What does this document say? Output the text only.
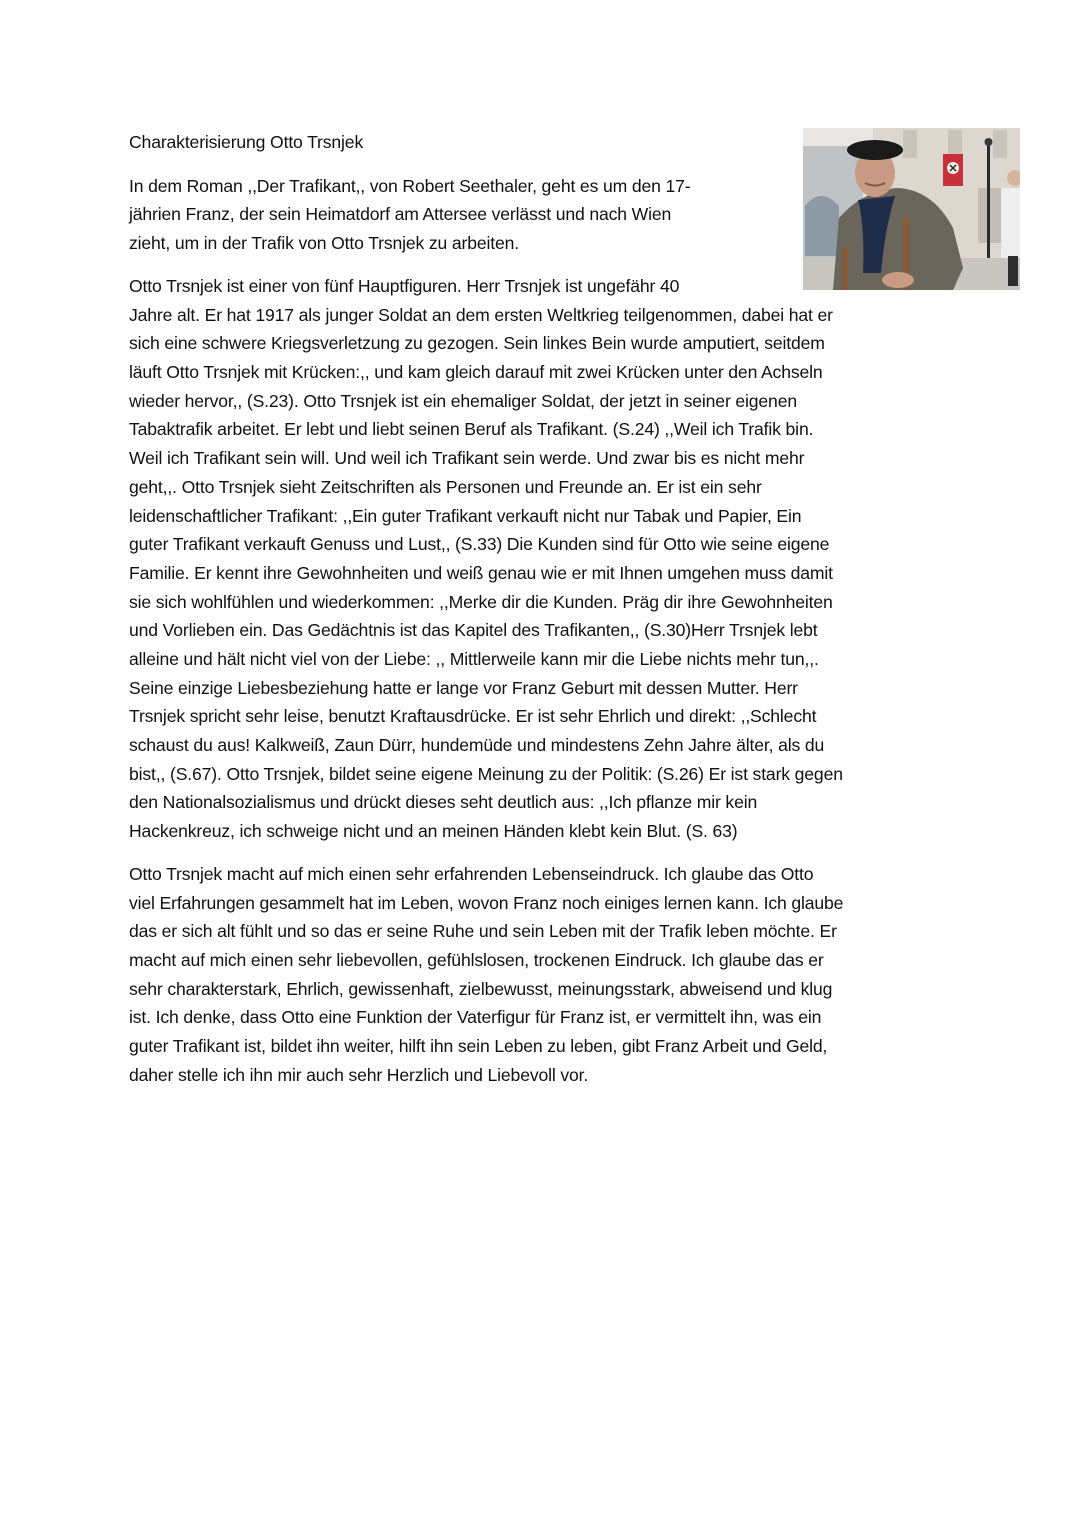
Charakterisierung Otto Trsnjek
In dem Roman ,,Der Trafikant,, von Robert Seethaler, geht es um den 17-
jährien Franz, der sein Heimatdorf am Attersee verlässt und nach Wien
zieht, um in der Trafik von Otto Trsnjek zu arbeiten.
Otto Trsnjek ist einer von fünf Hauptfiguren. Herr Trsnjek ist ungefähr 40
Jahre alt. Er hat 1917 als junger Soldat an dem ersten Weltkrieg teilgenommen, dabei hat er
sich eine schwere Kriegsverletzung zu gezogen. Sein linkes Bein wurde amputiert, seitdem
läuft Otto Trsnjek mit Krücken:,, und kam gleich darauf mit zwei Krücken unter den Achseln
wieder hervor,, (S.23). Otto Trsnjek ist ein ehemaliger Soldat, der jetzt in seiner eigenen
Tabaktrafik arbeitet. Er lebt und liebt seinen Beruf als Trafikant. (S.24) ,,Weil ich Trafik bin.
Weil ich Trafikant sein will. Und weil ich Trafikant sein werde. Und zwar bis es nicht mehr
geht,,. Otto Trsnjek sieht Zeitschriften als Personen und Freunde an. Er ist ein sehr
leidenschaftlicher Trafikant: ,,Ein guter Trafikant verkauft nicht nur Tabak und Papier, Ein
guter Trafikant verkauft Genuss und Lust,, (S.33) Die Kunden sind für Otto wie seine eigene
Familie. Er kennt ihre Gewohnheiten und weiß genau wie er mit Ihnen umgehen muss damit
sie sich wohlfühlen und wiederkommen: ,,Merke dir die Kunden. Präg dir ihre Gewohnheiten
und Vorlieben ein. Das Gedächtnis ist das Kapitel des Trafikanten,, (S.30)Herr Trsnjek lebt
alleine und hält nicht viel von der Liebe: ,, Mittlerweile kann mir die Liebe nichts mehr tun,,.
Seine einzige Liebesbeziehung hatte er lange vor Franz Geburt mit dessen Mutter. Herr
Trsnjek spricht sehr leise, benutzt Kraftausdrücke. Er ist sehr Ehrlich und direkt: ,,Schlecht
schaust du aus! Kalkweiß, Zaun Dürr, hundemüde und mindestens Zehn Jahre älter, als du
bist,, (S.67). Otto Trsnjek, bildet seine eigene Meinung zu der Politik: (S.26) Er ist stark gegen
den Nationalsozialismus und drückt dieses seht deutlich aus: ,,Ich pflanze mir kein
Hackenkreuz, ich schweige nicht und an meinen Händen klebt kein Blut. (S. 63)
Otto Trsnjek macht auf mich einen sehr erfahrenden Lebenseindruck. Ich glaube das Otto
viel Erfahrungen gesammelt hat im Leben, wovon Franz noch einiges lernen kann. Ich glaube
das er sich alt fühlt und so das er seine Ruhe und sein Leben mit der Trafik leben möchte. Er
macht auf mich einen sehr liebevollen, gefühlslosen, trockenen Eindruck. Ich glaube das er
sehr charakterstark, Ehrlich, gewissenhaft, zielbewusst, meinungsstark, abweisend und klug
ist. Ich denke, dass Otto eine Funktion der Vaterfigur für Franz ist, er vermittelt ihn, was ein
guter Trafikant ist, bildet ihn weiter, hilft ihn sein Leben zu leben, gibt Franz Arbeit und Geld,
daher stelle ich ihn mir auch sehr Herzlich und Liebevoll vor.
